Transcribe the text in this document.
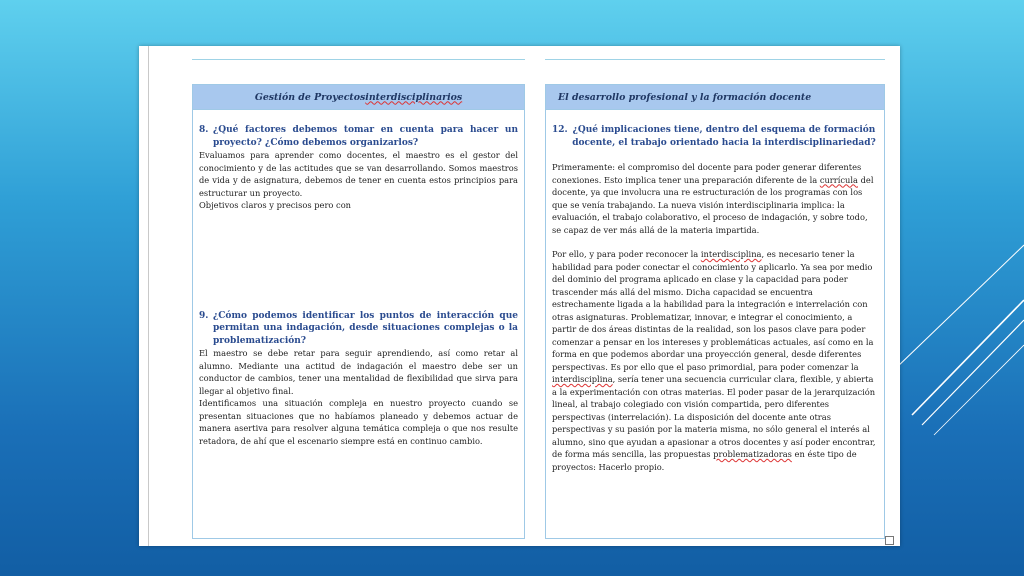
Gestión de Proyectos interdisciplinarios
8. ¿Qué factores debemos tomar en cuenta para hacer un proyecto? ¿Cómo debemos organizarlos?

Evaluamos para aprender como docentes, el maestro es el gestor del conocimiento y de las actitudes que se van desarrollando. Somos maestros de vida y de asignatura, debemos de tener en cuenta estos principios para estructurar un proyecto.

Objetivos claros y precisos pero con

9. ¿Cómo podemos identificar los puntos de interacción que permitan una indagación, desde situaciones complejas o la problematización?

El maestro se debe retar para seguir aprendiendo, así como retar al alumno. Mediante una actitud de indagación el maestro debe ser un conductor de cambios, tener una mentalidad de flexibilidad que sirva para llegar al objetivo final.

Identificamos una situación compleja en nuestro proyecto cuando se presentan situaciones que no habíamos planeado y debemos actuar de manera asertiva para resolver alguna temática compleja o que nos resulte retadora, de ahí que el escenario siempre está en continuo cambio.

El desarrollo profesional y la formación docente
12. ¿Qué implicaciones tiene, dentro del esquema de formación docente, el trabajo orientado hacia la interdisciplinariedad?

Primeramente: el compromiso del docente para poder generar diferentes conexiones. Esto implica tener una preparación diferente de la currícula del docente, ya que involucra una re estructuración de los programas con los que se venía trabajando. La nueva visión interdisciplinaria implica: la evaluación, el trabajo colaborativo, el proceso de indagación, y sobre todo, se capaz de ver más allá de la materia impartida.

Por ello, y para poder reconocer la interdisciplina, es necesario tener la habilidad para poder conectar el conocimiento y aplicarlo. Ya sea por medio del dominio del programa aplicado en clase y la capacidad para poder trascender más allá del mismo. Dicha capacidad se encuentra estrechamente ligada a la habilidad para la integración e interrelación con otras asignaturas. Problematizar, innovar, e integrar el conocimiento, a partir de dos áreas distintas de la realidad, son los pasos clave para poder comenzar a pensar en los intereses y problemáticas actuales, así como en la forma en que podemos abordar una proyección general, desde diferentes perspectivas. Es por ello que el paso primordial, para poder comenzar la interdisciplina, sería tener una secuencia curricular clara, flexible, y abierta a la experimentación con otras materias. El poder pasar de la jerarquización lineal, al trabajo colegiado con visión compartida, pero diferentes perspectivas (interrelación). La disposición del docente ante otras perspectivas y su pasión por la materia misma, no sólo general el interés al alumno, sino que ayudan a apasionar a otros docentes y así poder encontrar, de forma más sencilla, las propuestas problematizadoras en éste tipo de proyectos: Hacerlo propio.
